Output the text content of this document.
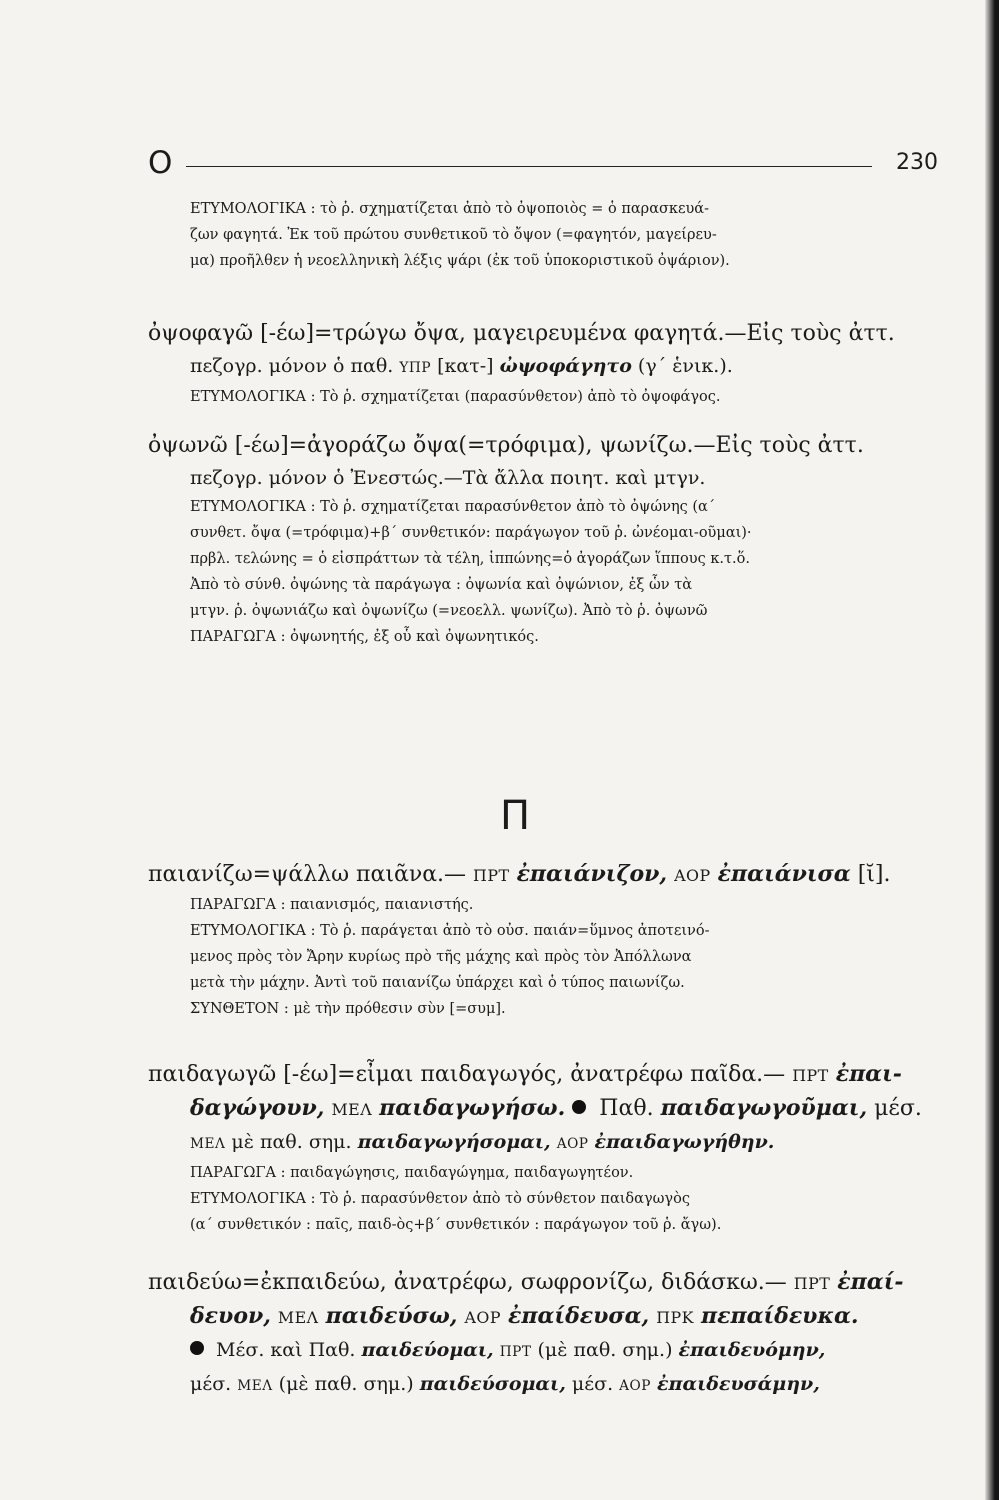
Ο	230
ΕΤΥΜΟΛΟΓΙΚΑ : τὸ ῥ. σχηματίζεται ἀπὸ τὸ ὀψοποιὸς = ὁ παρασκευά-
ζων φαγητά. Ἐκ τοῦ πρώτου συνθετικοῦ τὸ ὄψον (=φαγητόν, μαγείρευ-
μα) προῆλθεν ἡ νεοελληνικὴ λέξις ψάρι (ἐκ τοῦ ὑποκοριστικοῦ ὀψάριον).
ὀψοφαγῶ [-έω]=τρώγω ὄψα, μαγειρευμένα φαγητά.—Εἰς τοὺς ἀττ.
πεζογρ. μόνον ὁ παθ. ΥΠΡ [κατ-] ὠψοφάγητο (γ΄ ἑνικ.).
ΕΤΥΜΟΛΟΓΙΚΑ : Τὸ ῥ. σχηματίζεται (παρασύνθετον) ἀπὸ τὸ ὀψοφάγος.
ὀψωνῶ [-έω]=ἀγοράζω ὄψα(=τρόφιμα), ψωνίζω.—Εἰς τοὺς ἀττ.
πεζογρ. μόνον ὁ Ἐνεστώς.—Τὰ ἄλλα ποιητ. καὶ μτγν.
ΕΤΥΜΟΛΟΓΙΚΑ : Τὸ ῥ. σχηματίζεται παρασύνθετον ἀπὸ τὸ ὀψώνης (α΄
συνθετ. ὄψα (=τρόφιμα)+β΄ συνθετικόν: παράγωγον τοῦ ῥ. ὠνέομαι-οῦμαι)·
πρβλ. τελώνης = ὁ εἰσπράττων τὰ τέλη, ἱππώνης=ὁ ἀγοράζων ἵππους κ.τ.ὅ.
Ἀπὸ τὸ σύνθ. ὀψώνης τὰ παράγωγα : ὀψωνία καὶ ὀψώνιον, ἐξ ὧν τὰ
μτγν. ῥ. ὀψωνιάζω καὶ ὀψωνίζω (=νεοελλ. ψωνίζω). Ἀπὸ τὸ ῥ. ὀψωνῶ
ΠΑΡΑΓΩΓΑ : ὀψωνητής, ἐξ οὗ καὶ ὀψωνητικός.
Π
παιανίζω=ψάλλω παιᾶνα.— ΠΡΤ ἐπαιάνιζον, ΑΟΡ ἐπαιάνισα [ῐ].
ΠΑΡΑΓΩΓΑ : παιανισμός, παιανιστής.
ΕΤΥΜΟΛΟΓΙΚΑ : Τὸ ῥ. παράγεται ἀπὸ τὸ οὐσ. παιάν=ὕμνος ἀποτεινό-
μενος πρὸς τὸν Ἄρην κυρίως πρὸ τῆς μάχης καὶ πρὸς τὸν Ἀπόλλωνα
μετὰ τὴν μάχην. Ἀντὶ τοῦ παιανίζω ὑπάρχει καὶ ὁ τύπος παιωνίζω.
ΣΥΝΘΕΤΟΝ : μὲ τὴν πρόθεσιν σὺν [=συμ].
παιδαγωγῶ [-έω]=εἶμαι παιδαγωγός, ἀνατρέφω παῖδα.— ΠΡΤ ἐπαι-
δαγώγουν, ΜΕΛ παιδαγωγήσω. Παθ. παιδαγωγοῦμαι, μέσ.
ΜΕΛ μὲ παθ. σημ. παιδαγωγήσομαι, ΑΟΡ ἐπαιδαγωγήθην.
ΠΑΡΑΓΩΓΑ : παιδαγώγησις, παιδαγώγημα, παιδαγωγητέον.
ΕΤΥΜΟΛΟΓΙΚΑ : Τὸ ῥ. παρασύνθετον ἀπὸ τὸ σύνθετον παιδαγωγὸς
(α΄ συνθετικόν : παῖς, παιδ-ὸς+β΄ συνθετικόν : παράγωγον τοῦ ῥ. ἄγω).
παιδεύω=ἐκπαιδεύω, ἀνατρέφω, σωφρονίζω, διδάσκω.— ΠΡΤ ἐπαί-
δευον, ΜΕΛ παιδεύσω, ΑΟΡ ἐπαίδευσα, ΠΡΚ πεπαίδευκα.
Μέσ. καὶ Παθ. παιδεύομαι, ΠΡΤ (μὲ παθ. σημ.) ἐπαιδευόμην,
μέσ. ΜΕΛ (μὲ παθ. σημ.) παιδεύσομαι, μέσ. ΑΟΡ ἐπαιδευσάμην,
